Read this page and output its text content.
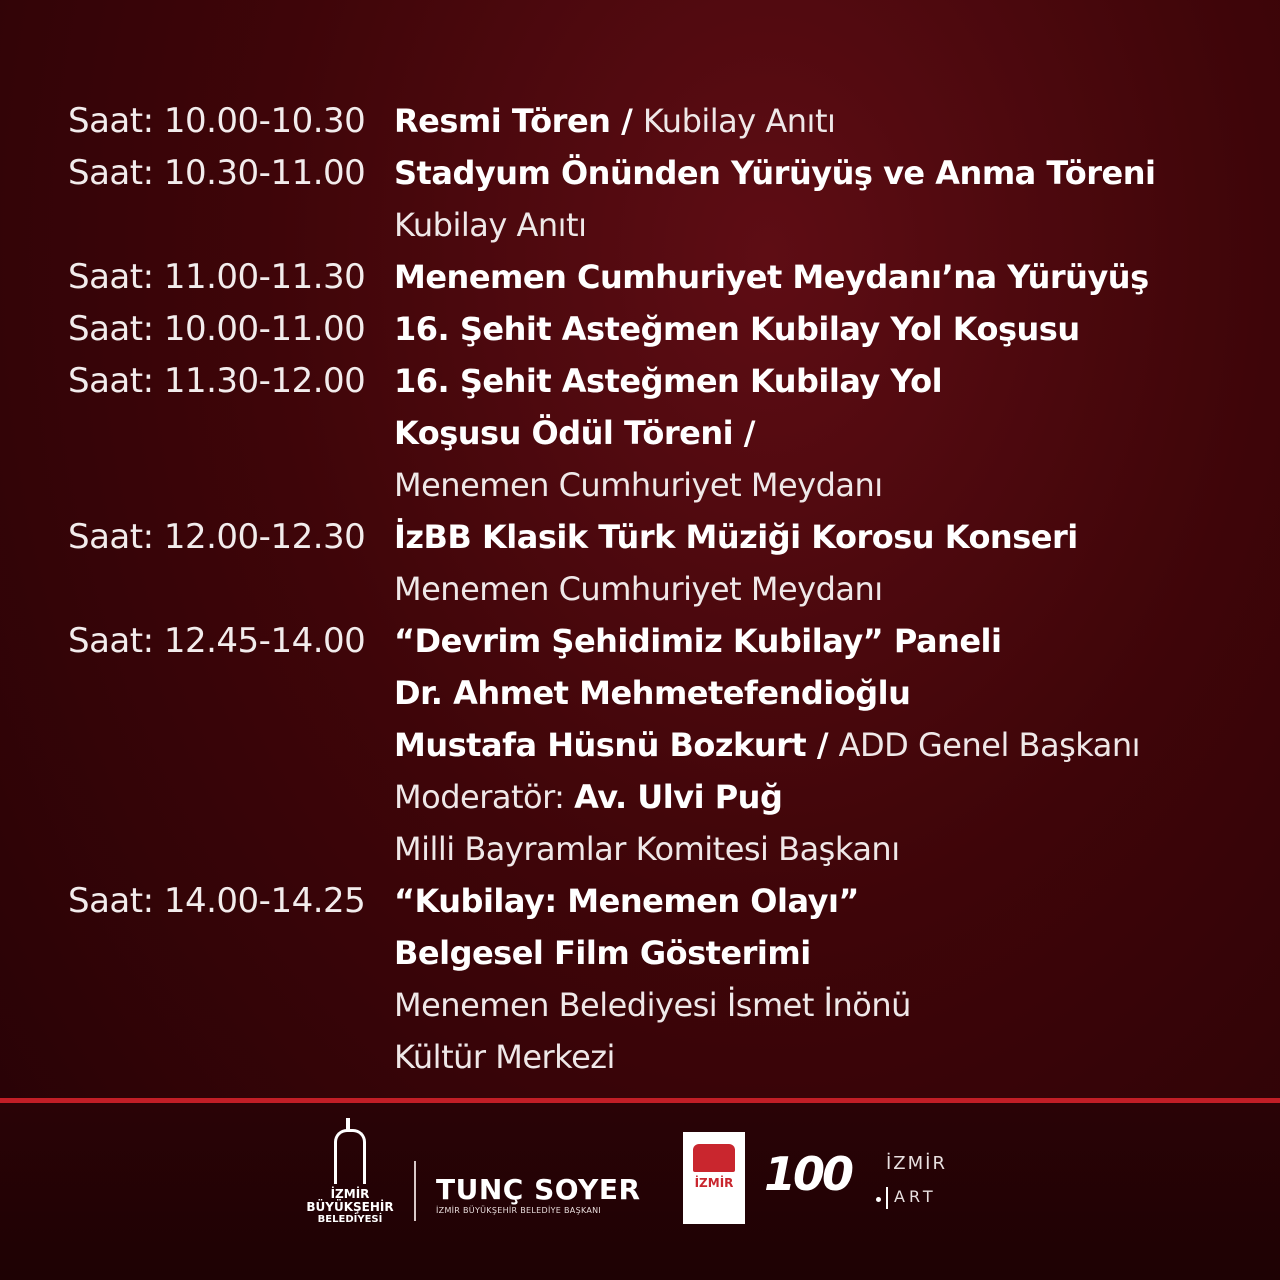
Saat: 10.00-10.30 Resmi Tören / Kubilay Anıtı
Saat: 10.30-11.00 Stadyum Önünden Yürüyüş ve Anma Töreni
Kubilay Anıtı
Saat: 11.00-11.30 Menemen Cumhuriyet Meydanı’na Yürüyüş
Saat: 10.00-11.00 16. Şehit Asteğmen Kubilay Yol Koşusu
Saat: 11.30-12.00 16. Şehit Asteğmen Kubilay Yol
Koşusu Ödül Töreni /
Menemen Cumhuriyet Meydanı
Saat: 12.00-12.30 İzBB Klasik Türk Müziği Korosu Konseri
Menemen Cumhuriyet Meydanı
Saat: 12.45-14.00 “Devrim Şehidimiz Kubilay” Paneli
Dr. Ahmet Mehmetefendioğlu
Mustafa Hüsnü Bozkurt / ADD Genel Başkanı
Moderatör: Av. Ulvi Puğ
Milli Bayramlar Komitesi Başkanı
Saat: 14.00-14.25 “Kubilay: Menemen Olayı”
Belgesel Film Gösterimi
Menemen Belediyesi İsmet İnönü
Kültür Merkezi
İZMİR BÜYÜKŞEHİR
BELEDİYESİ
TUNÇ SOYER
İZMİR BÜYÜKŞEHİR BELEDİYE BAŞKANI
İZMİR 100	İZMİR
ART
